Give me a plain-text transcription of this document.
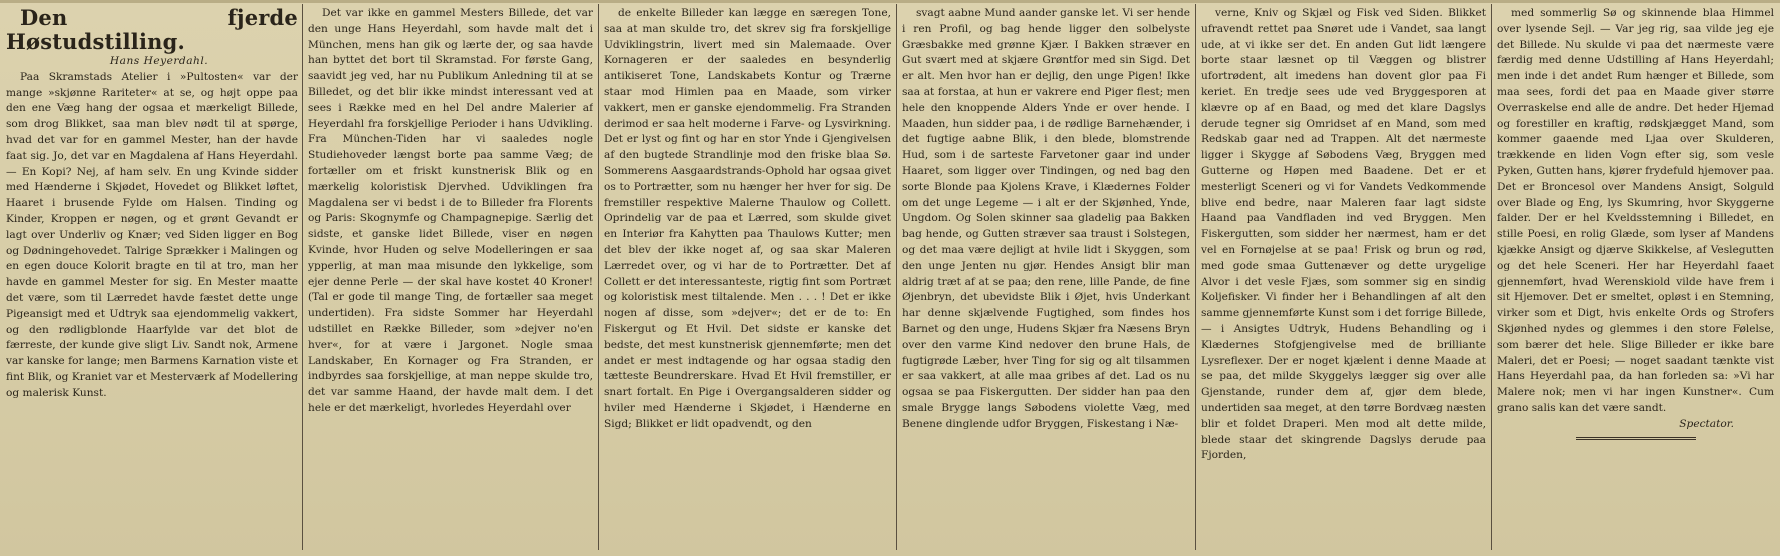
Den fjerde Høstudstilling.

Hans Heyerdahl.

Paa Skramstads Atelier i »Pultosten« var der mange »skjønne Rariteter« at se, og højt oppe paa den ene Væg hang der ogsaa et mærkeligt Billede, som drog Blikket, saa man blev nødt til at spørge, hvad det var for en gammel Mester, han der havde faat sig. Jo, det var en Magdalena af Hans Heyerdahl. — En Kopi? Nej, af ham selv. En ung Kvinde sidder med Hænderne i Skjødet, Hovedet og Blikket løftet, Haaret i brusende Fylde om Halsen. Tinding og Kinder, Kroppen er nøgen, og et grønt Gevandt er lagt over Underliv og Knær; ved Siden ligger en Bog og Dødningehovedet. Talrige Sprækker i Malingen og en egen douce Kolorit bragte en til at tro, man her havde en gammel Mester for sig. En Mester maatte det være, som til Lærredet havde fæstet dette unge Pigeansigt med et Udtryk saa ejendommelig vakkert, og den rødligblonde Haarfylde var det blot de færreste, der kunde give sligt Liv. Sandt nok, Armene var kanske for lange; men Barmens Karnation viste et fint Blik, og Kraniet var et Mesterværk af Modellering og malerisk Kunst.

Det var ikke en gammel Mesters Billede, det var den unge Hans Heyerdahl, som havde malt det i München, mens han gik og lærte der, og saa havde han byttet det bort til Skramstad. For første Gang, saavidt jeg ved, har nu Publikum Anledning til at se Billedet, og det blir ikke mindst interessant ved at sees i Række med en hel Del andre Malerier af Heyerdahl fra forskjellige Perioder i hans Udvikling. Fra München-Tiden har vi saaledes nogle Studiehoveder længst borte paa samme Væg; de fortæller om et friskt kunstnerisk Blik og en mærkelig koloristisk Djervhed. Udviklingen fra Magdalena ser vi bedst i de to Billeder fra Florents og Paris: Skognymfe og Champagnepige. Særlig det sidste, et ganske lidet Billede, viser en nøgen Kvinde, hvor Huden og selve Modelleringen er saa ypperlig, at man maa misunde den lykkelige, som ejer denne Perle — der skal have kostet 40 Kroner! (Tal er gode til mange Ting, de fortæller saa meget undertiden). Fra sidste Sommer har Heyerdahl udstillet en Række Billeder, som »dejver no'en hver«, for at være i Jargonet. Nogle smaa Landskaber, En Kornager og Fra Stranden, er indbyrdes saa forskjellige, at man neppe skulde tro, det var samme Haand, der havde malt dem. I det hele er det mærkeligt, hvorledes Heyerdahl over

de enkelte Billeder kan lægge en særegen Tone, saa at man skulde tro, det skrev sig fra forskjellige Udviklingstrin, livert med sin Malemaade. Over Kornageren er der saaledes en besynderlig antikiseret Tone, Landskabets Kontur og Trærne staar mod Himlen paa en Maade, som virker vakkert, men er ganske ejendommelig. Fra Stranden derimod er saa helt moderne i Farve- og Lysvirkning. Det er lyst og fint og har en stor Ynde i Gjengivelsen af den bugtede Strandlinje mod den friske blaa Sø. Sommerens Aasgaardstrands-Ophold har ogsaa givet os to Portrætter, som nu hænger her hver for sig. De fremstiller respektive Malerne Thaulow og Collett. Oprindelig var de paa et Lærred, som skulde givet en Interiør fra Kahytten paa Thaulows Kutter; men det blev der ikke noget af, og saa skar Maleren Lærredet over, og vi har de to Portrætter. Det af Collett er det interessanteste, rigtig fint som Portræt og koloristisk mest tiltalende. Men . . . ! Det er ikke nogen af disse, som »dejver«; det er de to: En Fiskergut og Et Hvil. Det sidste er kanske det bedste, det mest kunstnerisk gjennemførte; men det andet er mest indtagende og har ogsaa stadig den tætteste Beundrerskare. Hvad Et Hvil fremstiller, er snart fortalt. En Pige i Overgangsalderen sidder og hviler med Hænderne i Skjødet, i Hænderne en Sigd; Blikket er lidt opadvendt, og den

svagt aabne Mund aander ganske let. Vi ser hende i ren Profil, og bag hende ligger den solbelyste Græsbakke med grønne Kjær. I Bakken stræver en Gut svært med at skjære Grøntfor med sin Sigd. Det er alt. Men hvor han er dejlig, den unge Pigen! Ikke saa at forstaa, at hun er vakrere end Piger flest; men hele den knoppende Alders Ynde er over hende. I Maaden, hun sidder paa, i de rødlige Barnehænder, i det fugtige aabne Blik, i den blede, blomstrende Hud, som i de sarteste Farvetoner gaar ind under Haaret, som ligger over Tindingen, og ned bag den sorte Blonde paa Kjolens Krave, i Klædernes Folder om det unge Legeme — i alt er der Skjønhed, Ynde, Ungdom. Og Solen skinner saa gladelig paa Bakken bag hende, og Gutten stræver saa traust i Solstegen, og det maa være dejligt at hvile lidt i Skyggen, som den unge Jenten nu gjør. Hendes Ansigt blir man aldrig træt af at se paa; den rene, lille Pande, de fine Øjenbryn, det ubevidste Blik i Øjet, hvis Underkant har denne skjælvende Fugtighed, som findes hos Barnet og den unge, Hudens Skjær fra Næsens Bryn over den varme Kind nedover den brune Hals, de fugtigrøde Læber, hver Ting for sig og alt tilsammen er saa vakkert, at alle maa gribes af det. Lad os nu ogsaa se paa Fiskergutten. Der sidder han paa den smale Brygge langs Søbodens violette Væg, med Benene dinglende udfor Bryggen, Fiskestang i Næ-

verne, Kniv og Skjæl og Fisk ved Siden. Blikket ufravendt rettet paa Snøret ude i Vandet, saa langt ude, at vi ikke ser det. En anden Gut lidt længere borte staar læsnet op til Væggen og blistrer ufortrødent, alt imedens han dovent glor paa Fi keriet. En tredje sees ude ved Bryggesporen at klævre op af en Baad, og med det klare Dagslys derude tegner sig Omridset af en Mand, som med Redskab gaar ned ad Trappen. Alt det nærmeste ligger i Skygge af Søbodens Væg, Bryggen med Gutterne og Høpen med Baadene. Det er et mesterligt Sceneri og vi for Vandets Vedkommende blive end bedre, naar Maleren faar lagt sidste Haand paa Vandfladen ind ved Bryggen. Men Fiskergutten, som sidder her nærmest, ham er det vel en Fornøjelse at se paa! Frisk og brun og rød, med gode smaa Guttenæver og dette urygelige Alvor i det vesle Fjæs, som sommer sig en sindig Koljefisker. Vi finder her i Behandlingen af alt den samme gjennemførte Kunst som i det forrige Billede, — i Ansigtes Udtryk, Hudens Behandling og i Klædernes Stofgjengivelse med de brilliante Lysreflexer. Der er noget kjælent i denne Maade at se paa, det milde Skyggelys lægger sig over alle Gjenstande, runder dem af, gjør dem blede, undertiden saa meget, at den tørre Bordvæg næsten blir et foldet Draperi. Men mod alt dette milde, blede staar det skingrende Dagslys derude paa Fjorden,

med sommerlig Sø og skinnende blaa Himmel over lysende Sejl. — Var jeg rig, saa vilde jeg eje det Billede. Nu skulde vi paa det nærmeste være færdig med denne Udstilling af Hans Heyerdahl; men inde i det andet Rum hænger et Billede, som maa sees, fordi det paa en Maade giver større Overraskelse end alle de andre. Det heder Hjemad og forestiller en kraftig, rødskjægget Mand, som kommer gaaende med Ljaa over Skulderen, trækkende en liden Vogn efter sig, som vesle Pyken, Gutten hans, kjører frydefuld hjemover paa. Det er Broncesol over Mandens Ansigt, Solguld over Blade og Eng, lys Skumring, hvor Skyggerne falder. Der er hel Kveldsstemning i Billedet, en stille Poesi, en rolig Glæde, som lyser af Mandens kjække Ansigt og djærve Skikkelse, af Veslegutten og det hele Sceneri. Her har Heyerdahl faaet gjennemført, hvad Werenskiold vilde have frem i sit Hjemover. Det er smeltet, opløst i en Stemning, virker som et Digt, hvis enkelte Ords og Strofers Skjønhed nydes og glemmes i den store Følelse, som bærer det hele. Slige Billeder er ikke bare Maleri, det er Poesi; — noget saadant tænkte vist Hans Heyerdahl paa, da han forleden sa: »Vi har Malere nok; men vi har ingen Kunstner«. Cum grano salis kan det være sandt.

Spectator.
